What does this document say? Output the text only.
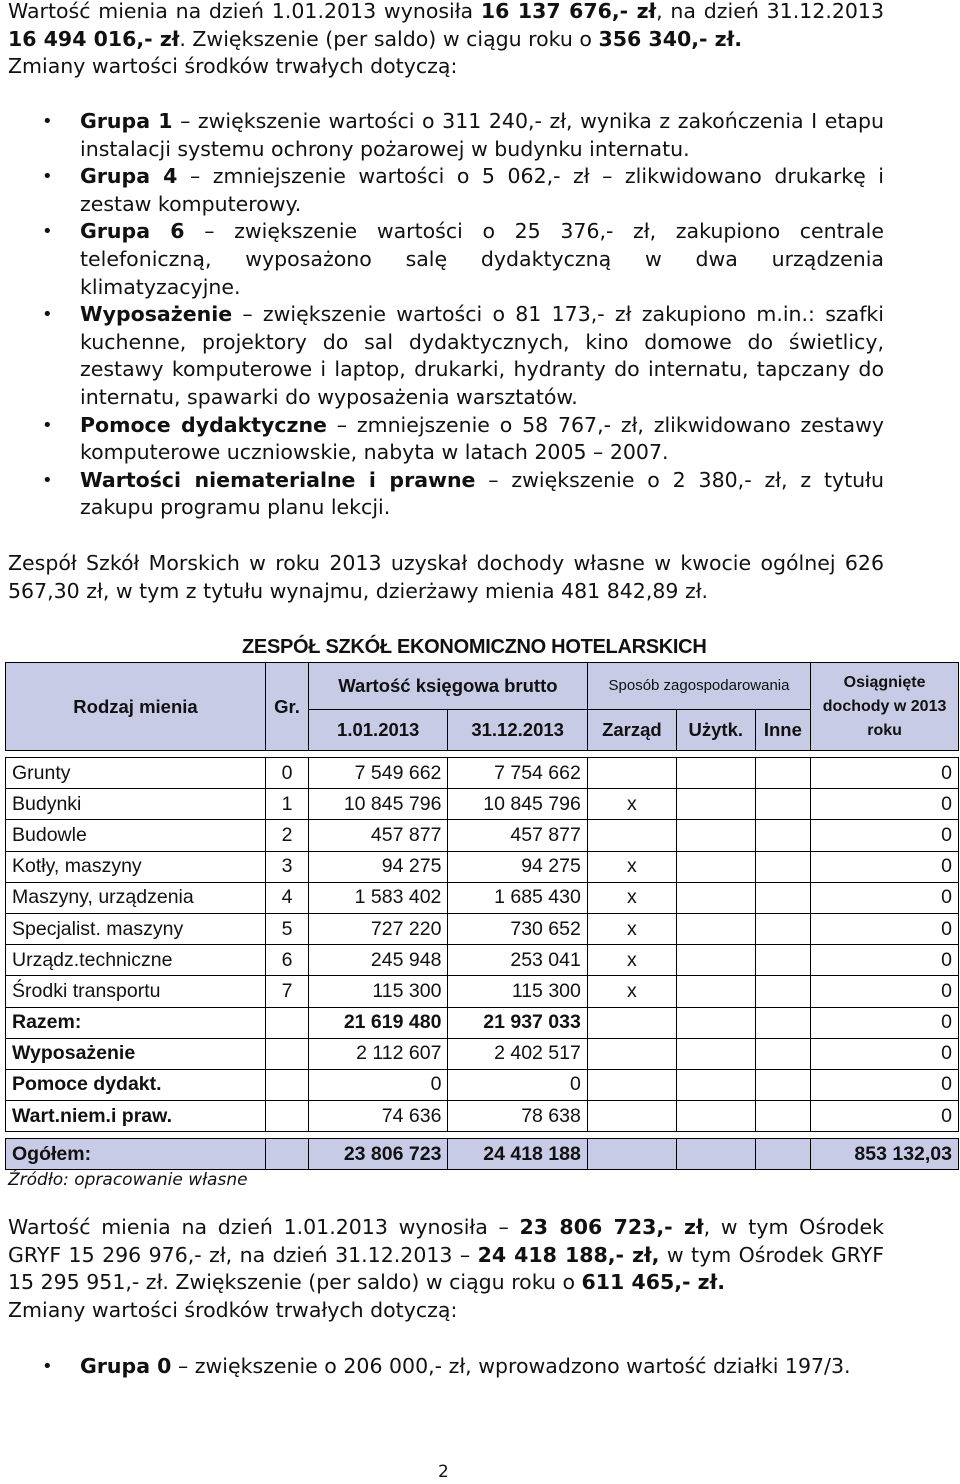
Wartość mienia na dzień 1.01.2013 wynosiła 16 137 676,- zł, na dzień 31.12.2013 16 494 016,- zł. Zwiększenie (per saldo) w ciągu roku o 356 340,- zł.
Zmiany wartości środków trwałych dotyczą:

• Grupa 1 – zwiększenie wartości o 311 240,- zł, wynika z zakończenia I etapu instalacji systemu ochrony pożarowej w budynku internatu.
• Grupa 4 – zmniejszenie wartości o 5 062,- zł – zlikwidowano drukarkę i zestaw komputerowy.
• Grupa 6 – zwiększenie wartości o 25 376,- zł, zakupiono centrale telefoniczną, wyposażono salę dydaktyczną w dwa urządzenia klimatyzacyjne.
• Wyposażenie – zwiększenie wartości o 81 173,- zł zakupiono m.in.: szafki kuchenne, projektory do sal dydaktycznych, kino domowe do świetlicy, zestawy komputerowe i laptop, drukarki, hydranty do internatu, tapczany do internatu, spawarki do wyposażenia warsztatów.
• Pomoce dydaktyczne – zmniejszenie o 58 767,- zł, zlikwidowano zestawy komputerowe uczniowskie, nabyta w latach 2005 – 2007.
• Wartości niematerialne i prawne – zwiększenie o 2 380,- zł, z tytułu zakupu programu planu lekcji.

Zespół Szkół Morskich w roku 2013 uzyskał dochody własne w kwocie ogólnej 626 567,30 zł, w tym z tytułu wynajmu, dzierżawy mienia 481 842,89 zł.

ZESPÓŁ SZKÓŁ EKONOMICZNO HOTELARSKICH
Rodzaj mienia	Gr.	Wartość księgowa brutto		Sposób zagospodarowania			Osiągnięte dochody w 2013 roku
		1.01.2013	31.12.2013	Zarząd	Użytk.	Inne	

Grunty	0	7 549 662	7 754 662				0
Budynki	1	10 845 796	10 845 796	x			0
Budowle	2	457 877	457 877				0
Kotły, maszyny	3	94 275	94 275	x			0
Maszyny, urządzenia	4	1 583 402	1 685 430	x			0
Specjalist. maszyny	5	727 220	730 652	x			0
Urządz.techniczne	6	245 948	253 041	x			0
Środki transportu	7	115 300	115 300	x			0
Razem:		21 619 480	21 937 033				0
Wyposażenie		2 112 607	2 402 517				0
Pomoce dydakt.		0	0				0
Wart.niem.i praw.		74 636	78 638				0

Ogółem:		23 806 723	24 418 188				853 132,03
Źródło: opracowanie własne

Wartość mienia na dzień 1.01.2013 wynosiła – 23 806 723,- zł, w tym Ośrodek GRYF 15 296 976,- zł, na dzień 31.12.2013 – 24 418 188,- zł, w tym Ośrodek GRYF 15 295 951,- zł. Zwiększenie (per saldo) w ciągu roku o 611 465,- zł.
Zmiany wartości środków trwałych dotyczą:

• Grupa 0 – zwiększenie o 206 000,- zł, wprowadzono wartość działki 197/3.
2
